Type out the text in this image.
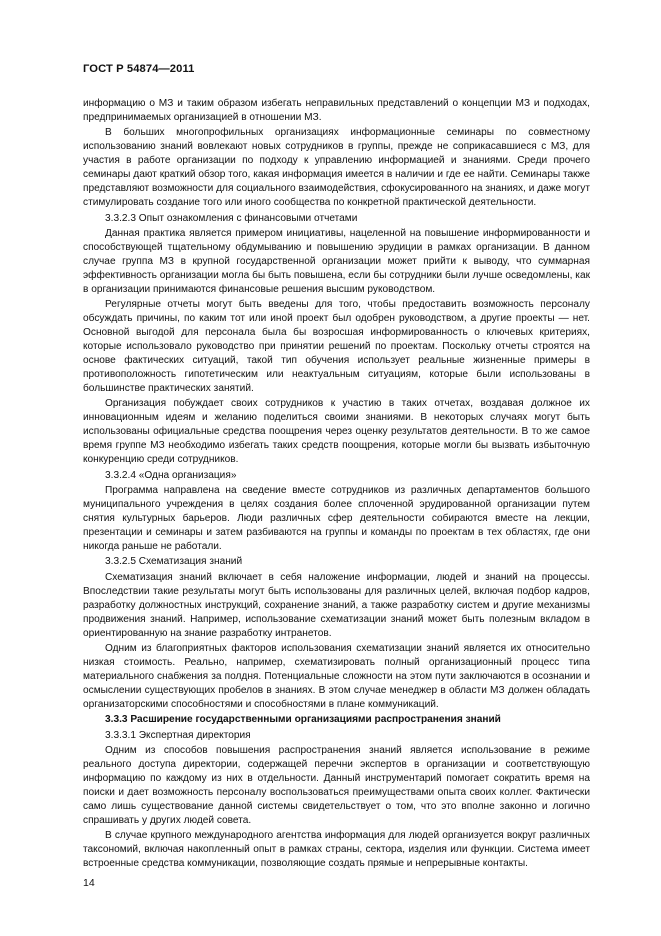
ГОСТ Р 54874—2011

информацию о МЗ и таким образом избегать неправильных представлений о концепции МЗ и подходах, предпринимаемых организацией в отношении МЗ.

В больших многопрофильных организациях информационные семинары по совместному использованию знаний вовлекают новых сотрудников в группы, прежде не соприкасавшиеся с МЗ, для участия в работе организации по подходу к управлению информацией и знаниями. Среди прочего семинары дают краткий обзор того, какая информация имеется в наличии и где ее найти. Семинары также представляют возможности для социального взаимодействия, сфокусированного на знаниях, и даже могут стимулировать создание того или иного сообщества по конкретной практической деятельности.

3.3.2.3 Опыт ознакомления с финансовыми отчетами

Данная практика является примером инициативы, нацеленной на повышение информированности и способствующей тщательному обдумыванию и повышению эрудиции в рамках организации. В данном случае группа МЗ в крупной государственной организации может прийти к выводу, что суммарная эффективность организации могла бы быть повышена, если бы сотрудники были лучше осведомлены, как в организации принимаются финансовые решения высшим руководством.

Регулярные отчеты могут быть введены для того, чтобы предоставить возможность персоналу обсуждать причины, по каким тот или иной проект был одобрен руководством, а другие проекты — нет. Основной выгодой для персонала была бы возросшая информированность о ключевых критериях, которые использовало руководство при принятии решений по проектам. Поскольку отчеты строятся на основе фактических ситуаций, такой тип обучения использует реальные жизненные примеры в противоположность гипотетическим или неактуальным ситуациям, которые были использованы в большинстве практических занятий.

Организация побуждает своих сотрудников к участию в таких отчетах, воздавая должное их инновационным идеям и желанию поделиться своими знаниями. В некоторых случаях могут быть использованы официальные средства поощрения через оценку результатов деятельности. В то же самое время группе МЗ необходимо избегать таких средств поощрения, которые могли бы вызвать избыточную конкуренцию среди сотрудников.

3.3.2.4 «Одна организация»

Программа направлена на сведение вместе сотрудников из различных департаментов большого муниципального учреждения в целях создания более сплоченной эрудированной организации путем снятия культурных барьеров. Люди различных сфер деятельности собираются вместе на лекции, презентации и семинары и затем разбиваются на группы и команды по проектам в тех областях, где они никогда раньше не работали.

3.3.2.5 Схематизация знаний

Схематизация знаний включает в себя наложение информации, людей и знаний на процессы. Впоследствии такие результаты могут быть использованы для различных целей, включая подбор кадров, разработку должностных инструкций, сохранение знаний, а также разработку систем и другие механизмы продвижения знаний. Например, использование схематизации знаний может быть полезным вкладом в ориентированную на знание разработку интранетов.

Одним из благоприятных факторов использования схематизации знаний является их относительно низкая стоимость. Реально, например, схематизировать полный организационный процесс типа материального снабжения за полдня. Потенциальные сложности на этом пути заключаются в осознании и осмыслении существующих пробелов в знаниях. В этом случае менеджер в области МЗ должен обладать организаторскими способностями и способностями в плане коммуникаций.

3.3.3 Расширение государственными организациями распространения знаний

3.3.3.1 Экспертная директория

Одним из способов повышения распространения знаний является использование в режиме реального доступа директории, содержащей перечни экспертов в организации и соответствующую информацию по каждому из них в отдельности. Данный инструментарий помогает сократить время на поиски и дает возможность персоналу воспользоваться преимуществами опыта своих коллег. Фактически само лишь существование данной системы свидетельствует о том, что это вполне законно и логично спрашивать у других людей совета.

В случае крупного международного агентства информация для людей организуется вокруг различных таксономий, включая накопленный опыт в рамках страны, сектора, изделия или функции. Система имеет встроенные средства коммуникации, позволяющие создать прямые и непрерывные контакты.

14
